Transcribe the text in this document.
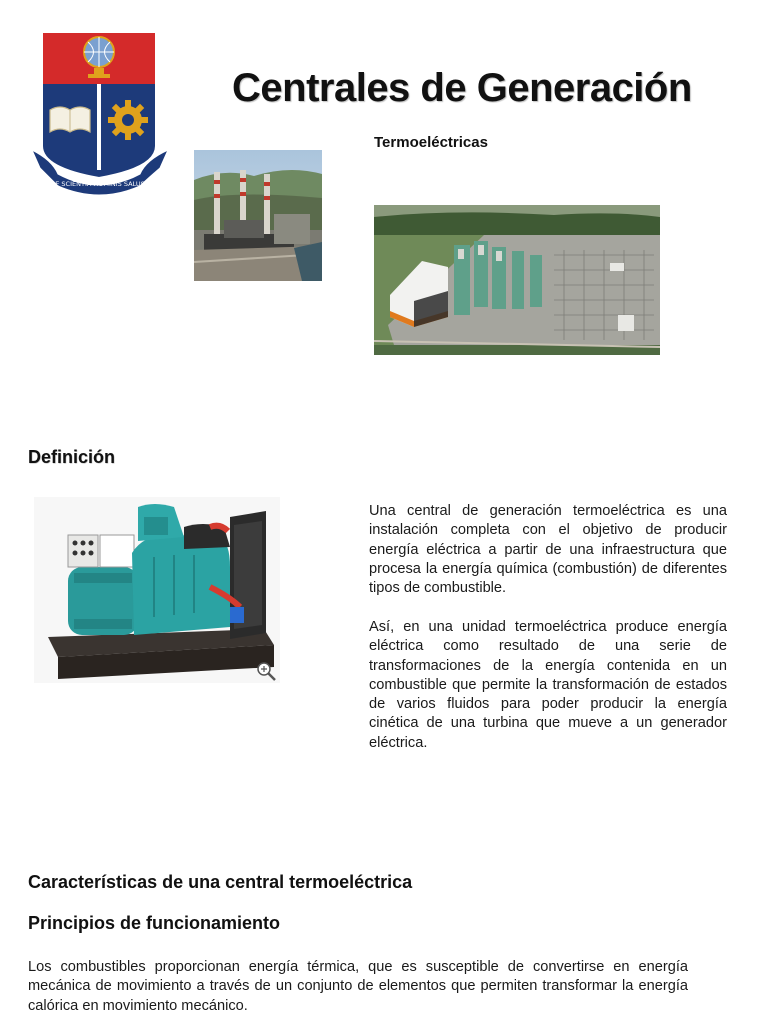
E SCIENTIA HOMINIS SALUS
Centrales de Generación
Termoeléctricas
Definición

Una central de generación termoeléctrica es una instalación completa con el objetivo de producir energía eléctrica a partir de una infraestructura que procesa la energía química (combustión) de diferentes tipos de combustible.

Así, en una unidad termoeléctrica produce energía eléctrica como resultado de una serie de transformaciones de la energía contenida en un combustible que permite la transformación de estados de varios fluidos para poder producir la energía cinética de una turbina que mueve a un generador eléctrica.

Características de una central termoeléctrica
Principios de funcionamiento

Los combustibles proporcionan energía térmica, que es susceptible de convertirse en energía mecánica de movimiento a través de un conjunto de elementos que permiten transformar la energía calórica en movimiento mecánico.
